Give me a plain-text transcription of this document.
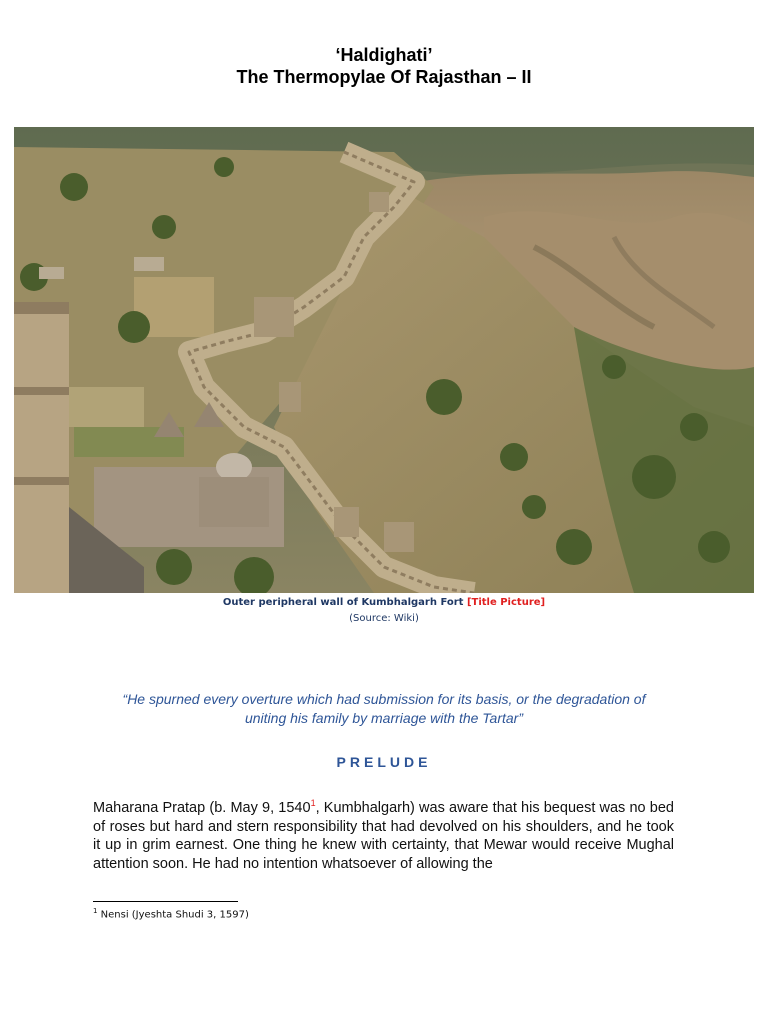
‘Haldighati’
The Thermopylae Of Rajasthan – II
Outer peripheral wall of Kumbhalgarh Fort [Title Picture]
(Source: Wiki)
“He spurned every overture which had submission for its basis, or the degradation of uniting his family by marriage with the Tartar”
PRELUDE
Maharana Pratap (b. May 9, 1540$^1$, Kumbhalgarh) was aware that his bequest was no bed of roses but hard and stern responsibility that had devolved on his shoulders, and he took it up in grim earnest. One thing he knew with certainty, that Mewar would receive Mughal attention soon. He had no intention whatsoever of allowing the
$^1$ Nensi (Jyeshta Shudi 3, 1597)
